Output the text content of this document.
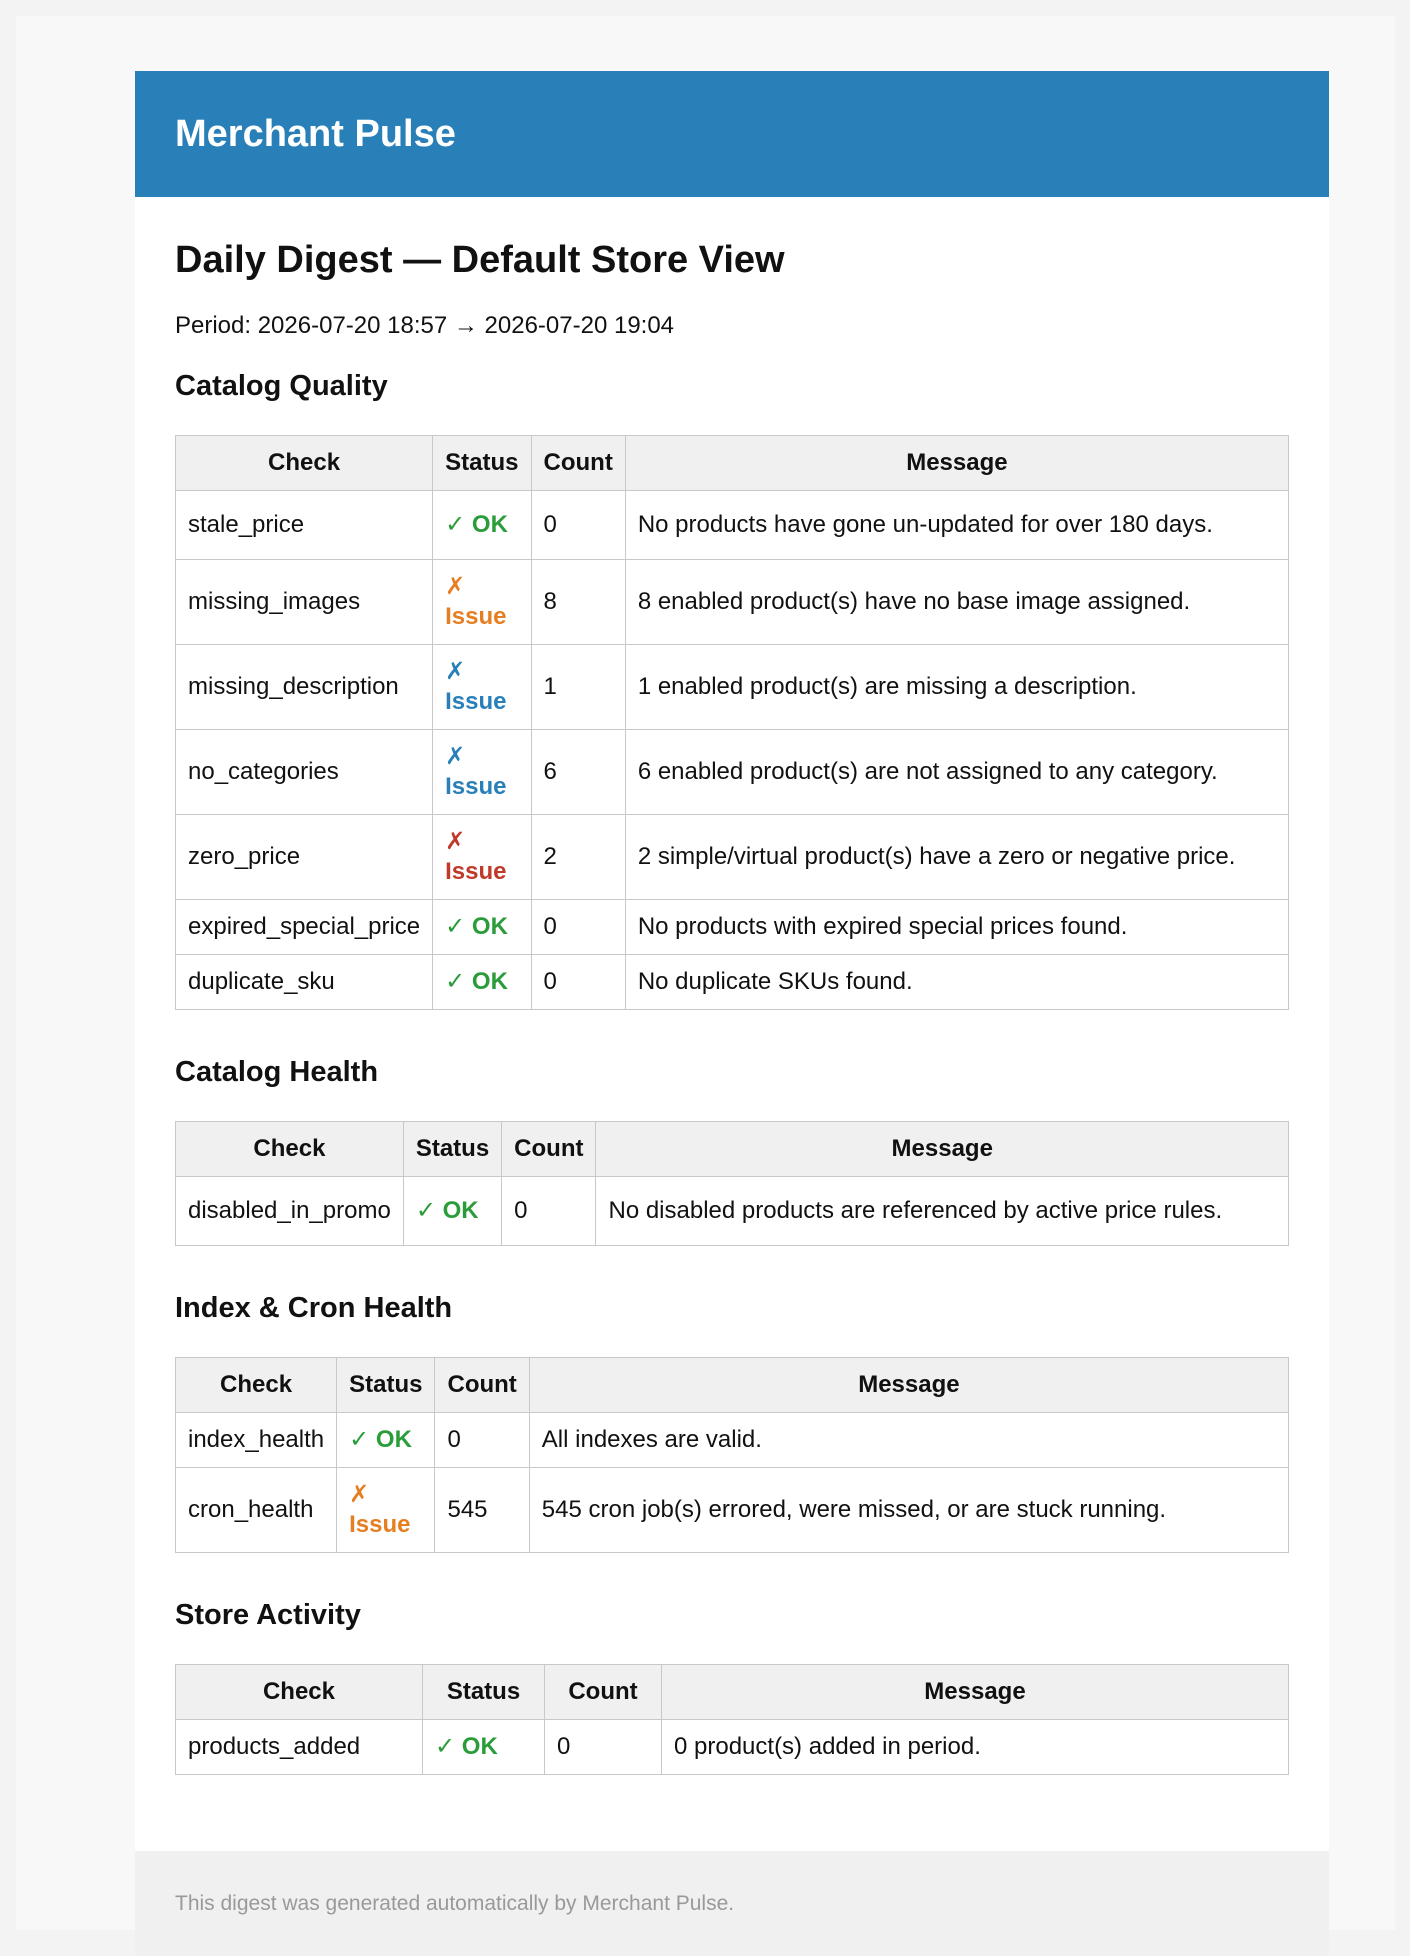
Merchant Pulse
Daily Digest — Default Store View
Period: 2026-07-20 18:57 → 2026-07-20 19:04
Catalog Quality
Check	Status	Count	Message
stale_price	✓ OK	0	No products have gone un-updated for over 180 days.
missing_images	✗ Issue	8	8 enabled product(s) have no base image assigned.
missing_description	✗ Issue	1	1 enabled product(s) are missing a description.
no_categories	✗ Issue	6	6 enabled product(s) are not assigned to any category.
zero_price	✗ Issue	2	2 simple/virtual product(s) have a zero or negative price.
expired_special_price	✓ OK	0	No products with expired special prices found.
duplicate_sku	✓ OK	0	No duplicate SKUs found.
Catalog Health
Check	Status	Count	Message
disabled_in_promo	✓ OK	0	No disabled products are referenced by active price rules.
Index & Cron Health
Check	Status	Count	Message
index_health	✓ OK	0	All indexes are valid.
cron_health	✗ Issue	545	545 cron job(s) errored, were missed, or are stuck running.
Store Activity
Check	Status	Count	Message
products_added	✓ OK	0	0 product(s) added in period.
This digest was generated automatically by Merchant Pulse.
